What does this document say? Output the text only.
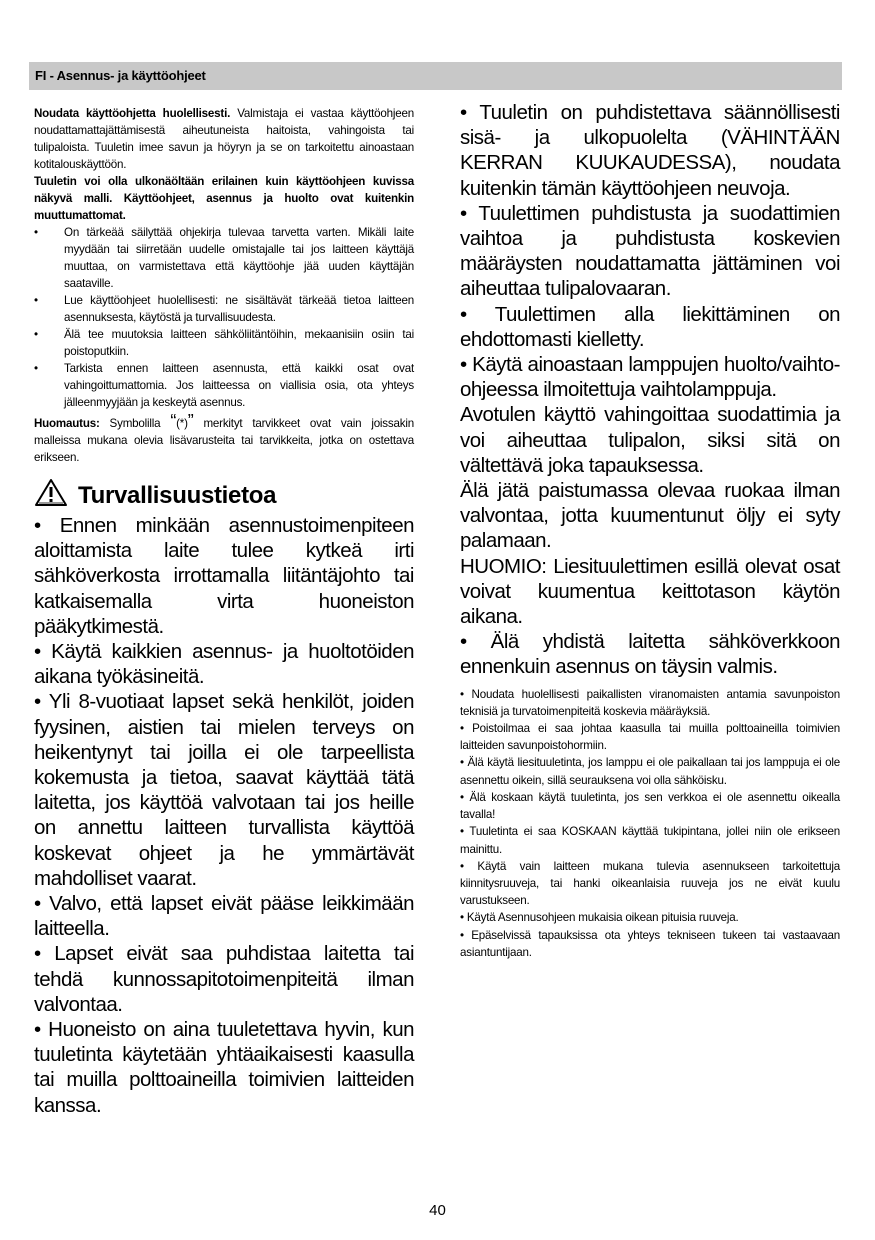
FI - Asennus- ja käyttöohjeet

Noudata käyttöohjetta huolellisesti. Valmistaja ei vastaa käyttöohjeen noudattamattajättämisestä aiheutuneista haitoista, vahingoista tai tulipaloista. Tuuletin imee savun ja höyryn ja se on tarkoitettu ainoastaan kotitalouskäyttöön.

Tuuletin voi olla ulkonäöltään erilainen kuin käyttöohjeen kuvissa näkyvä malli. Käyttöohjeet, asennus ja huolto ovat kuitenkin muuttumattomat.

• On tärkeää säilyttää ohjekirja tulevaa tarvetta varten. Mikäli laite myydään tai siirretään uudelle omistajalle tai jos laitteen käyttäjä muuttaa, on varmistettava että käyttöohje jää uuden käyttäjän saataville.
• Lue käyttöohjeet huolellisesti: ne sisältävät tärkeää tietoa laitteen asennuksesta, käytöstä ja turvallisuudesta.
• Älä tee muutoksia laitteen sähköliitäntöihin, mekaanisiin osiin tai poistoputkiin.
• Tarkista ennen laitteen asennusta, että kaikki osat ovat vahingoittumattomia. Jos laitteessa on viallisia osia, ota yhteys jälleenmyyjään ja keskeytä asennus.

Huomautus: Symbolilla “(*)” merkityt tarvikkeet ovat vain joissakin malleissa mukana olevia lisävarusteita tai tarvikkeita, jotka on ostettava erikseen.

Turvallisuustietoa

• Ennen minkään asennustoimenpiteen aloittamista laite tulee kytkeä irti sähköverkosta irrottamalla liitäntäjohto tai katkaisemalla virta huoneiston pääkytkimestä.

• Käytä kaikkien asennus- ja huoltotöiden aikana työkäsineitä.

• Yli 8-vuotiaat lapset sekä henkilöt, joiden fyysinen, aistien tai mielen terveys on heikentynyt tai joilla ei ole tarpeellista kokemusta ja tietoa, saavat käyttää tätä laitetta, jos käyttöä valvotaan tai jos heille on annettu laitteen turvallista käyttöä koskevat ohjeet ja he ymmärtävät mahdolliset vaarat.

• Valvo, että lapset eivät pääse leikkimään laitteella.

• Lapset eivät saa puhdistaa laitetta tai tehdä kunnossapitotoimenpiteitä ilman valvontaa.

• Huoneisto on aina tuuletettava hyvin, kun tuuletinta käytetään yhtäaikaisesti kaasulla tai muilla polttoaineilla toimivien laitteiden kanssa.

• Tuuletin on puhdistettava säännöllisesti sisä- ja ulkopuolelta (VÄHINTÄÄN KERRAN KUUKAUDESSA), noudata kuitenkin tämän käyttöohjeen neuvoja.

• Tuulettimen puhdistusta ja suodattimien vaihtoa ja puhdistusta koskevien määräysten noudattamatta jättäminen voi aiheuttaa tulipalovaaran.

• Tuulettimen alla liekittäminen on ehdottomasti kielletty.

• Käytä ainoastaan lamppujen huolto/vaihto-ohjeessa ilmoitettuja vaihtolamppuja.

Avotulen käyttö vahingoittaa suodattimia ja voi aiheuttaa tulipalon, siksi sitä on vältettävä joka tapauksessa.

Älä jätä paistumassa olevaa ruokaa ilman valvontaa, jotta kuumentunut öljy ei syty palamaan.

HUOMIO: Liesituulettimen esillä olevat osat voivat kuumentua keittotason käytön aikana.

• Älä yhdistä laitetta sähköverkkoon ennenkuin asennus on täysin valmis.

• Noudata huolellisesti paikallisten viranomaisten antamia savunpoiston teknisiä ja turvatoimenpiteitä koskevia määräyksiä.

• Poistoilmaa ei saa johtaa kaasulla tai muilla polttoaineilla toimivien laitteiden savunpoistohormiin.

• Älä käytä liesituuletinta, jos lamppu ei ole paikallaan tai jos lamppuja ei ole asennettu oikein, sillä seurauksena voi olla sähköisku.

• Älä koskaan käytä tuuletinta, jos sen verkkoa ei ole asennettu oikealla tavalla!

• Tuuletinta ei saa KOSKAAN käyttää tukipintana, jollei niin ole erikseen mainittu.

• Käytä vain laitteen mukana tulevia asennukseen tarkoitettuja kiinnitysruuveja, tai hanki oikeanlaisia ruuveja jos ne eivät kuulu varustukseen.

• Käytä Asennusohjeen mukaisia oikean pituisia ruuveja.

• Epäselvissä tapauksissa ota yhteys tekniseen tukeen tai vastaavaan asiantuntijaan.

40
